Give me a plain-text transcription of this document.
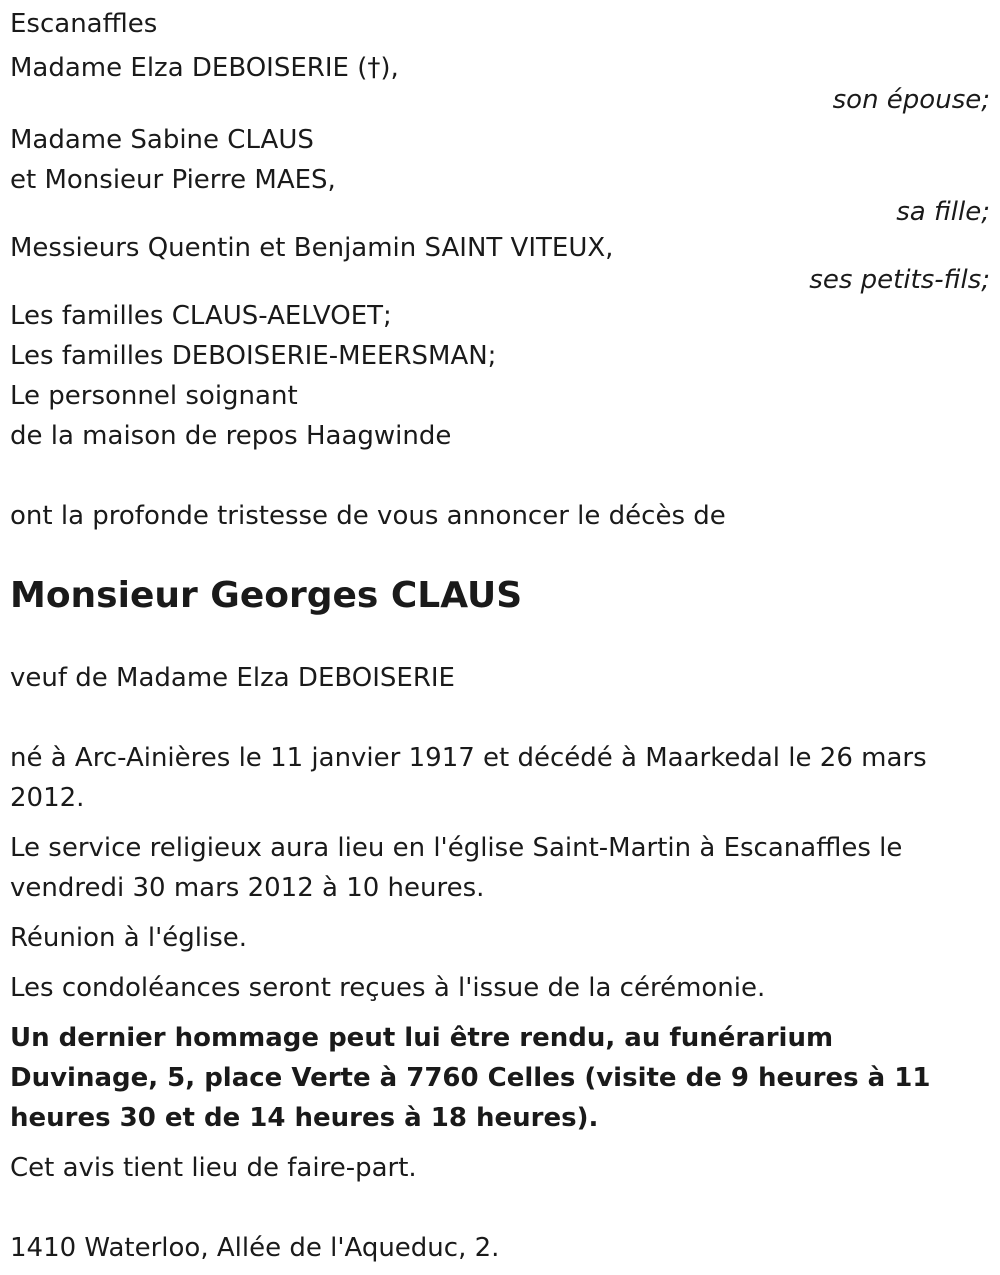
Escanaffles

Madame Elza DEBOISERIE (†),

son épouse;

Madame Sabine CLAUS

et Monsieur Pierre MAES,

sa fille;

Messieurs Quentin et Benjamin SAINT VITEUX,

ses petits-fils;

Les familles CLAUS-AELVOET;

Les familles DEBOISERIE-MEERSMAN;

Le personnel soignant

de la maison de repos Haagwinde

ont la profonde tristesse de vous annoncer le décès de

Monsieur Georges CLAUS

veuf de Madame Elza DEBOISERIE

né à Arc-Ainières le 11 janvier 1917 et décédé à Maarkedal le 26 mars 2012.

Le service religieux aura lieu en l'église Saint-Martin à Escanaffles le vendredi 30 mars 2012 à 10 heures.

Réunion à l'église.

Les condoléances seront reçues à l'issue de la cérémonie.

Un dernier hommage peut lui être rendu, au funérarium Duvinage, 5, place Verte à 7760 Celles (visite de 9 heures à 11 heures 30 et de 14 heures à 18 heures).

Cet avis tient lieu de faire-part.

1410 Waterloo, Allée de l'Aqueduc, 2.
